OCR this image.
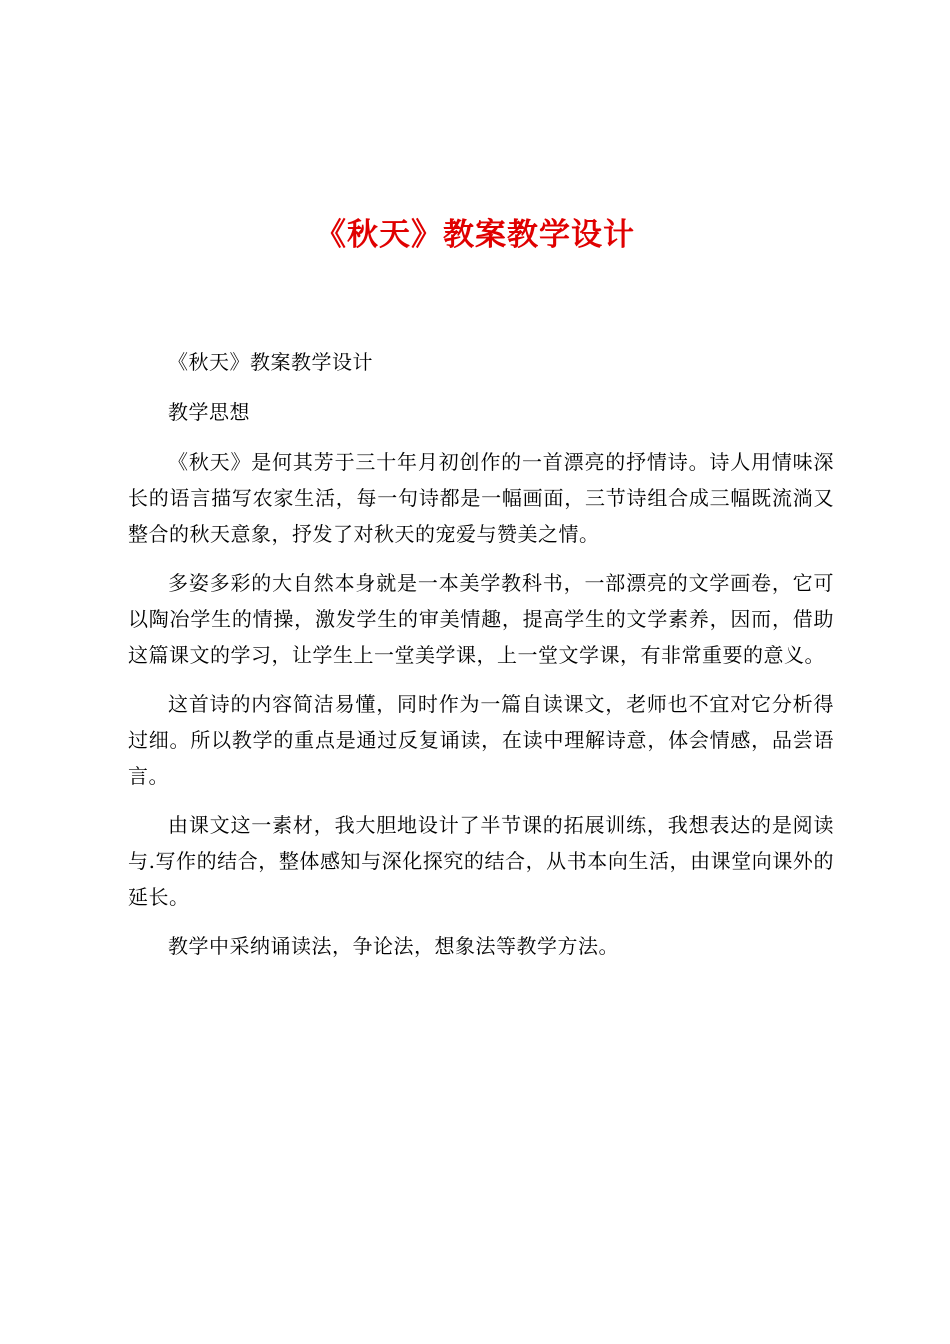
《秋天》教案教学设计

《秋天》教案教学设计

教学思想

《秋天》是何其芳于三十年月初创作的一首漂亮的抒情诗。诗人用情味深长的语言描写农家生活，每一句诗都是一幅画面，三节诗组合成三幅既流淌又整合的秋天意象，抒发了对秋天的宠爱与赞美之情。

多姿多彩的大自然本身就是一本美学教科书，一部漂亮的文学画卷，它可以陶冶学生的情操，激发学生的审美情趣，提高学生的文学素养，因而，借助这篇课文的学习，让学生上一堂美学课，上一堂文学课，有非常重要的意义。

这首诗的内容简洁易懂，同时作为一篇自读课文，老师也不宜对它分析得过细。所以教学的重点是通过反复诵读，在读中理解诗意，体会情感，品尝语言。

由课文这一素材，我大胆地设计了半节课的拓展训练，我想表达的是阅读与.写作的结合，整体感知与深化探究的结合，从书本向生活，由课堂向课外的延长。

教学中采纳诵读法，争论法，想象法等教学方法。
